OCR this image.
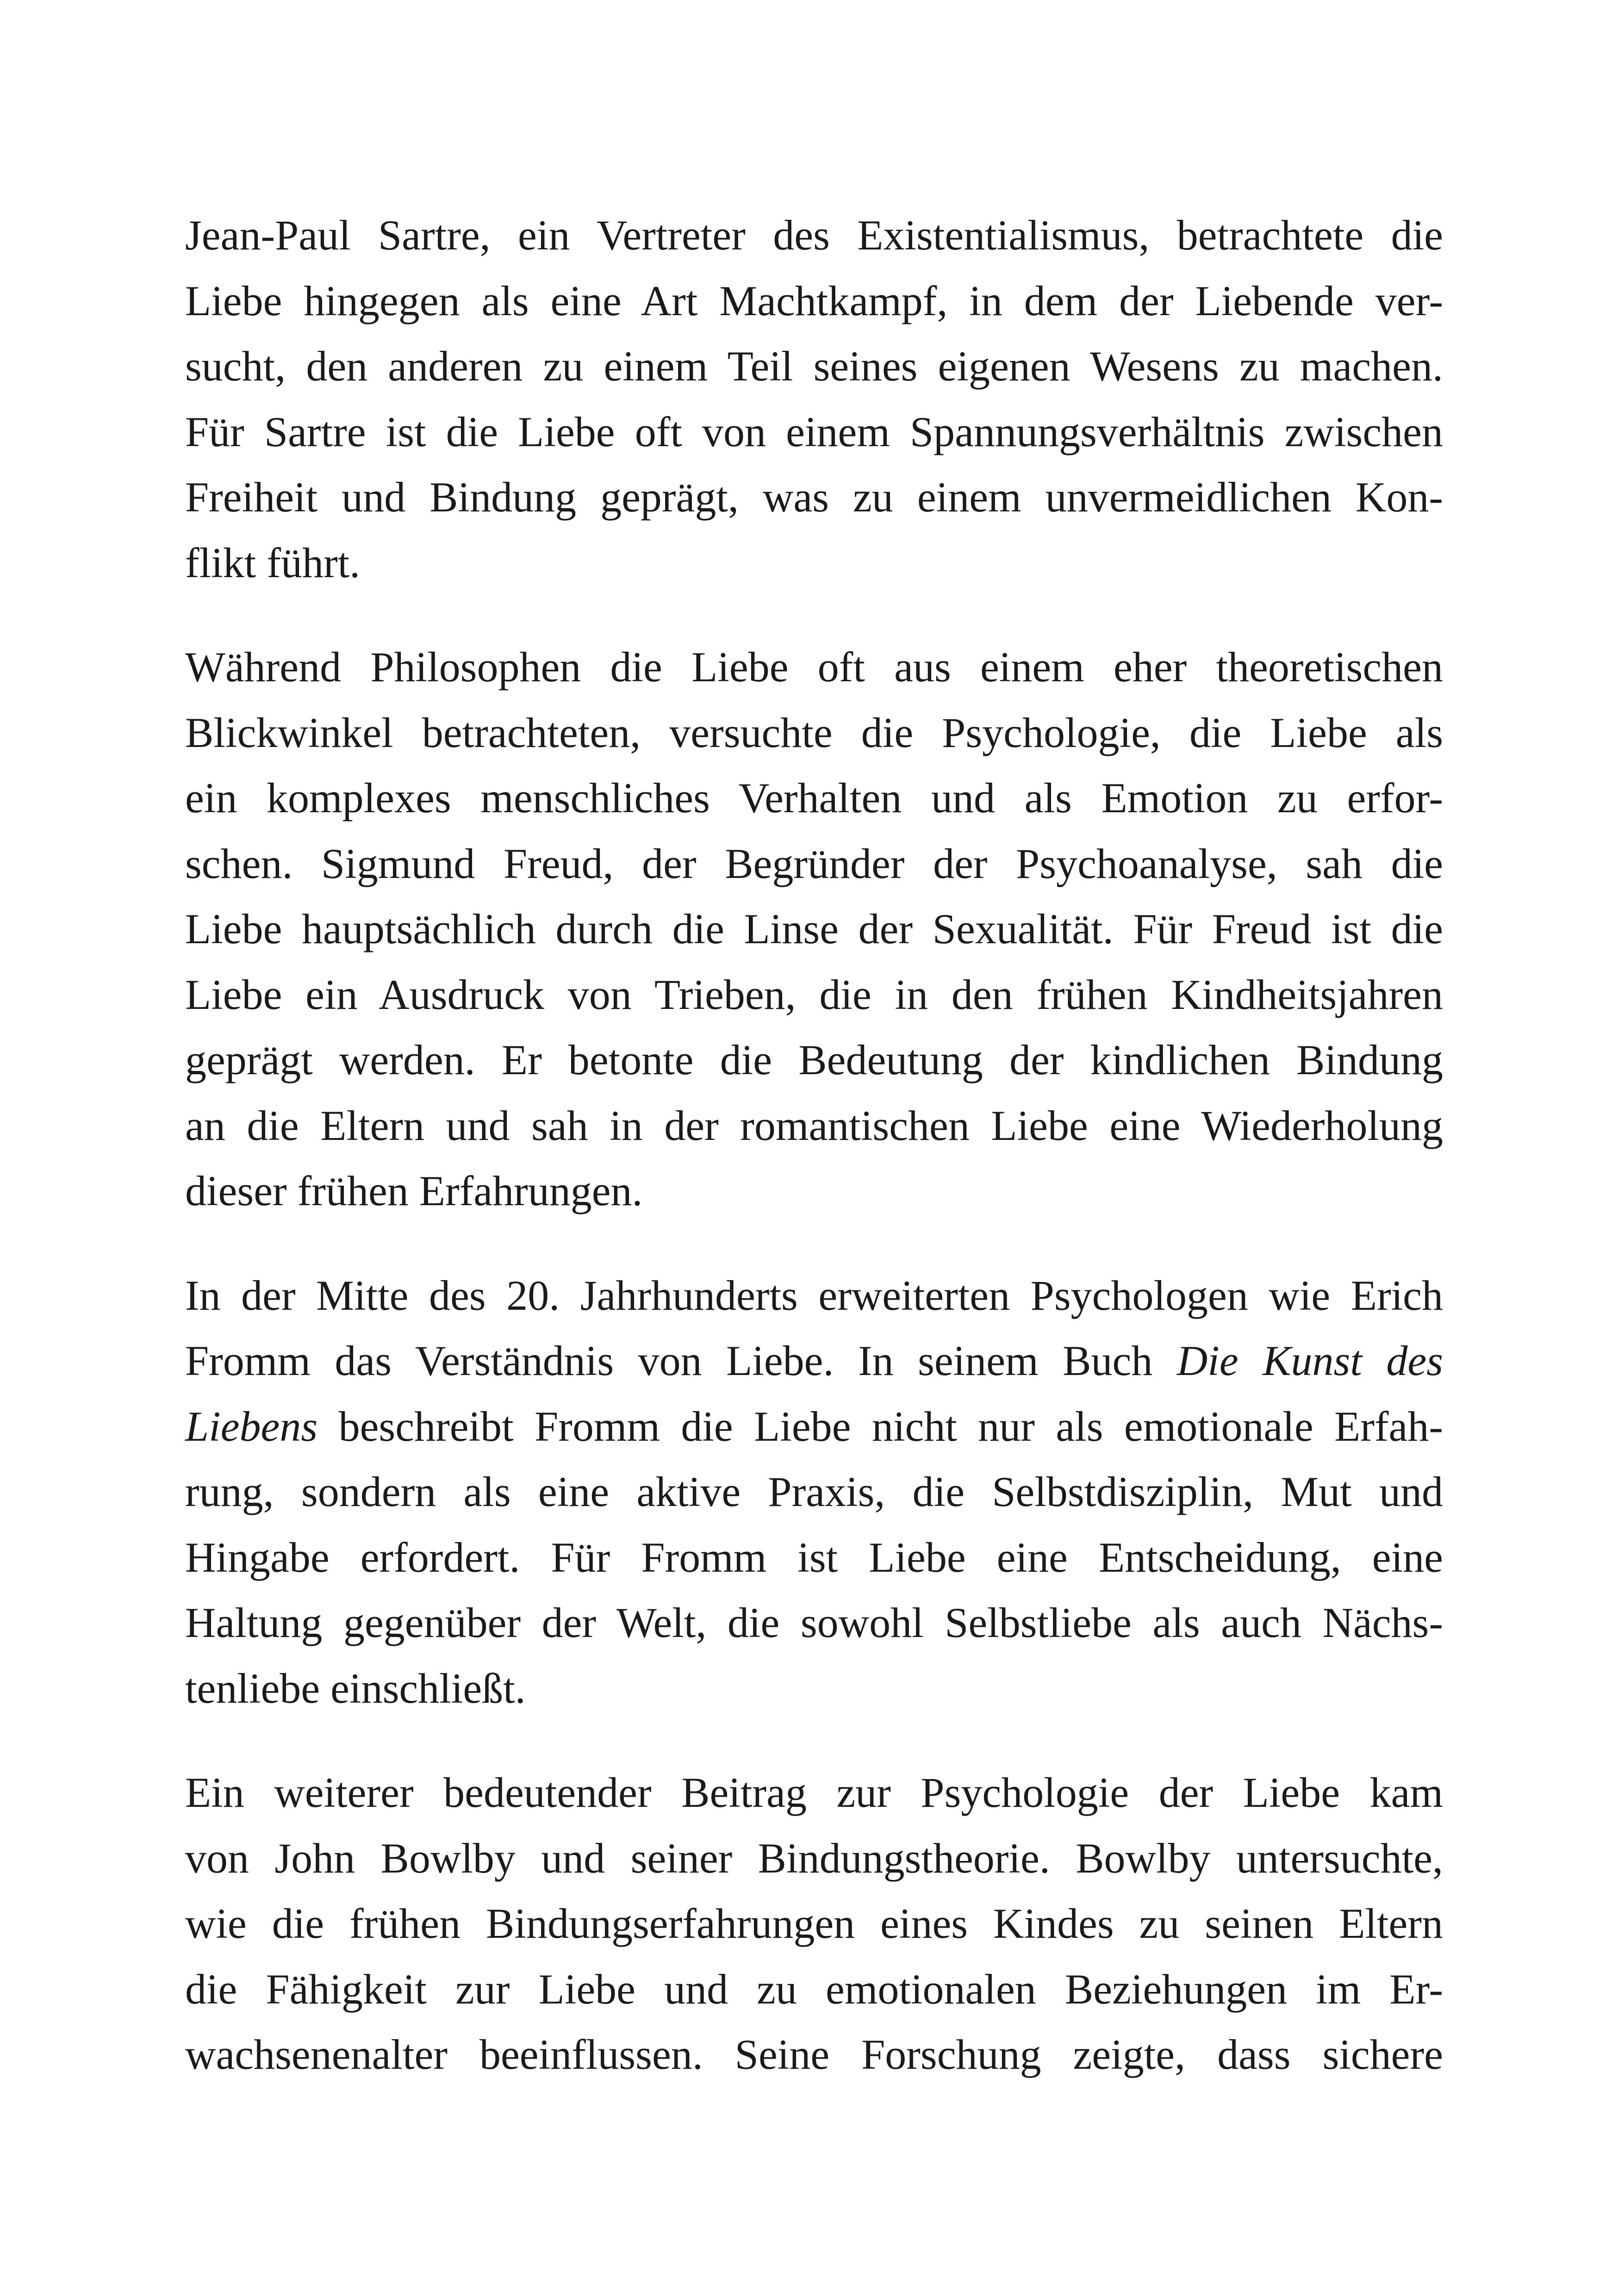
Jean-Paul Sartre, ein Vertreter des Existentialismus, betrachtete die
Liebe hingegen als eine Art Machtkampf, in dem der Liebende ver-
sucht, den anderen zu einem Teil seines eigenen Wesens zu machen.
Für Sartre ist die Liebe oft von einem Spannungsverhältnis zwischen
Freiheit und Bindung geprägt, was zu einem unvermeidlichen Kon-
flikt führt.

Während Philosophen die Liebe oft aus einem eher theoretischen
Blickwinkel betrachteten, versuchte die Psychologie, die Liebe als
ein komplexes menschliches Verhalten und als Emotion zu erfor-
schen. Sigmund Freud, der Begründer der Psychoanalyse, sah die
Liebe hauptsächlich durch die Linse der Sexualität. Für Freud ist die
Liebe ein Ausdruck von Trieben, die in den frühen Kindheitsjahren
geprägt werden. Er betonte die Bedeutung der kindlichen Bindung
an die Eltern und sah in der romantischen Liebe eine Wiederholung
dieser frühen Erfahrungen.

In der Mitte des 20. Jahrhunderts erweiterten Psychologen wie Erich
Fromm das Verständnis von Liebe. In seinem Buch Die Kunst des
Liebens beschreibt Fromm die Liebe nicht nur als emotionale Erfah-
rung, sondern als eine aktive Praxis, die Selbstdisziplin, Mut und
Hingabe erfordert. Für Fromm ist Liebe eine Entscheidung, eine
Haltung gegenüber der Welt, die sowohl Selbstliebe als auch Nächs-
tenliebe einschließt.

Ein weiterer bedeutender Beitrag zur Psychologie der Liebe kam
von John Bowlby und seiner Bindungstheorie. Bowlby untersuchte,
wie die frühen Bindungserfahrungen eines Kindes zu seinen Eltern
die Fähigkeit zur Liebe und zu emotionalen Beziehungen im Er-
wachsenenalter beeinflussen. Seine Forschung zeigte, dass sichere
